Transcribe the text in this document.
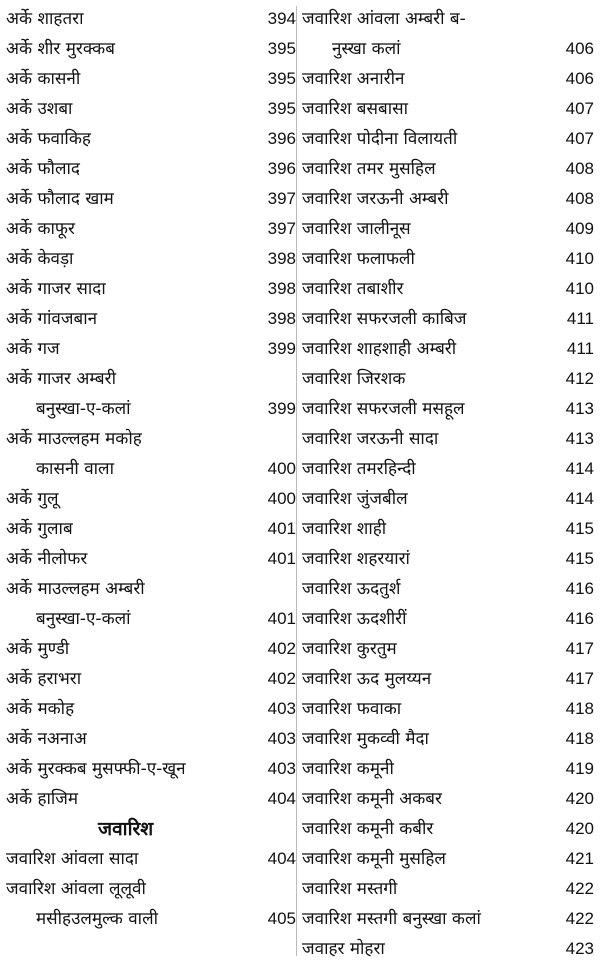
अर्के शाहतरा	394
अर्के शीर मुरक्कब	395
अर्के कासनी	395
अर्के उशबा	395
अर्के फवाकिह	396
अर्के फौलाद	396
अर्के फौलाद खाम	397
अर्के काफूर	397
अर्के केवड़ा	398
अर्के गाजर सादा	398
अर्के गांवजबान	398
अर्के गज	399
अर्के गाजर अम्बरी
बनुस्खा-ए-कलां	399
अर्के माउल्लहम मकोह
कासनी वाला	400
अर्के गुलू	400
अर्के गुलाब	401
अर्के नीलोफर	401
अर्के माउल्लहम अम्बरी
बनुस्खा-ए-कलां	401
अर्के मुण्डी	402
अर्के हराभरा	402
अर्के मकोह	403
अर्के नअनाअ	403
अर्के मुरक्कब मुसफ्फी-ए-खून	403
अर्के हाजिम	404
जवारिश
जवारिश आंवला सादा	404
जवारिश आंवला लूलूवी
मसीहउलमुल्क वाली	405
जवारिश आंवला अम्बरी ब-
नुस्खा कलां	406
जवारिश अनारीन	406
जवारिश बसबासा	407
जवारिश पोदीना विलायती	407
जवारिश तमर मुसहिल	408
जवारिश जरऊनी अम्बरी	408
जवारिश जालीनूस	409
जवारिश फलाफली	410
जवारिश तबाशीर	410
जवारिश सफरजली काबिज	411
जवारिश शाहशाही अम्बरी	411
जवारिश जिरशक	412
जवारिश सफरजली मसहूल	413
जवारिश जरऊनी सादा	413
जवारिश तमरहिन्दी	414
जवारिश जुंजबील	414
जवारिश शाही	415
जवारिश शहरयारां	415
जवारिश ऊदतुर्श	416
जवारिश ऊदशीरीं	416
जवारिश कुरतुम	417
जवारिश ऊद मुलय्यन	417
जवारिश फवाका	418
जवारिश मुकव्वी मैदा	418
जवारिश कमूनी	419
जवारिश कमूनी अकबर	420
जवारिश कमूनी कबीर	420
जवारिश कमूनी मुसहिल	421
जवारिश मस्तगी	422
जवारिश मस्तगी बनुस्खा कलां	422
जवाहर मोहरा	423
